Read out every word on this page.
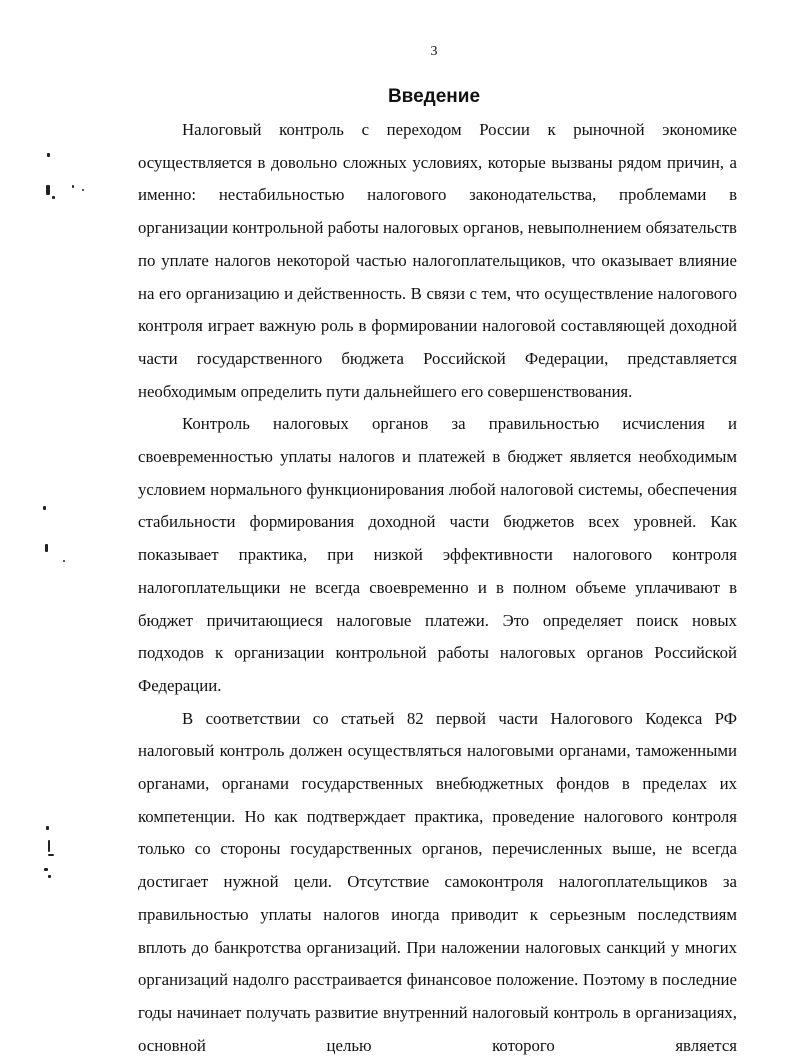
3
Введение

Налоговый контроль с переходом России к рыночной экономике осуществляется в довольно сложных условиях, которые вызваны рядом причин, а именно: нестабильностью налогового законодательства, проблемами в организации контрольной работы налоговых органов, невыполнением обязательств по уплате налогов некоторой частью налогоплательщиков, что оказывает влияние на его организацию и действенность. В связи с тем, что осуществление налогового контроля играет важную роль в формировании налоговой составляющей доходной части государственного бюджета Российской Федерации, представляется необходимым определить пути дальнейшего его совершенствования.

Контроль налоговых органов за правильностью исчисления и своевременностью уплаты налогов и платежей в бюджет является необходимым условием нормального функционирования любой налоговой системы, обеспечения стабильности формирования доходной части бюджетов всех уровней. Как показывает практика, при низкой эффективности налогового контроля налогоплательщики не всегда своевременно и в полном объеме уплачивают в бюджет причитающиеся налоговые платежи. Это определяет поиск новых подходов к организации контрольной работы налоговых органов Российской Федерации.

В соответствии со статьей 82 первой части Налогового Кодекса РФ налоговый контроль должен осуществляться налоговыми органами, таможенными органами, органами государственных внебюджетных фондов в пределах их компетенции. Но как подтверждает практика, проведение налогового контроля только со стороны государственных органов, перечисленных выше, не всегда достигает нужной цели. Отсутствие самоконтроля налогоплательщиков за правильностью уплаты налогов иногда приводит к серьезным последствиям вплоть до банкротства организаций. При наложении налоговых санкций у многих организаций надолго расстраивается финансовое положение. Поэтому в последние годы начинает получать развитие внутренний налоговый контроль в организациях, основной целью которого является
